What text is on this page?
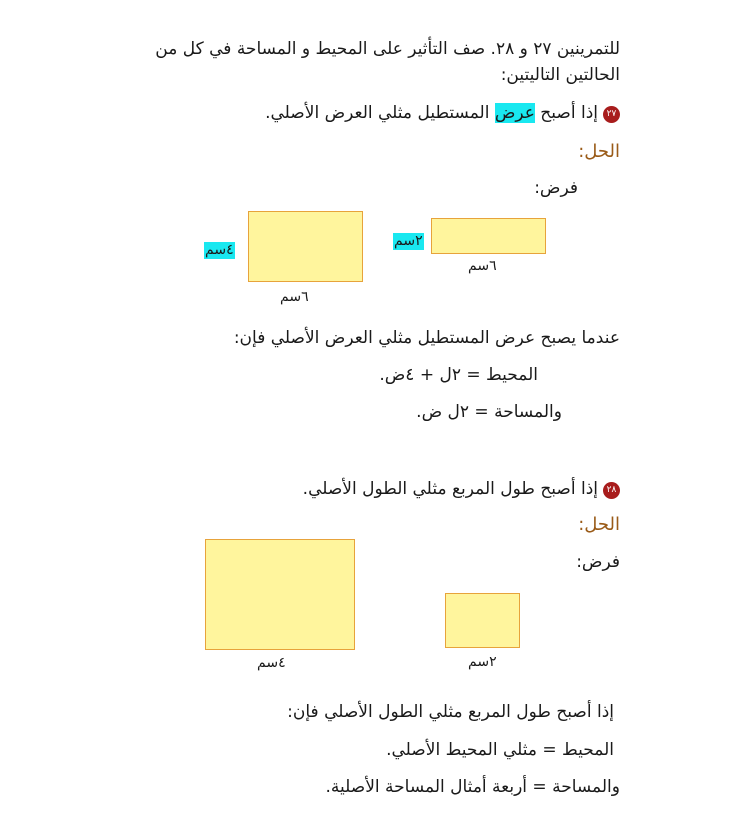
للتمرينين ٢٧ و ٢٨. صف التأثير على المحيط و المساحة في كل من
الحالتين التاليتين:
٢٧إذا أصبح عرض المستطيل مثلي العرض الأصلي.
الحل:
فرض:
٤سم
٦سم
٢سم
٦سم
عندما يصبح عرض المستطيل مثلي العرض الأصلي فإن:
المحيط = ٢ل + ٤ض.
والمساحة = ٢ل ض.
٢٨إذا أصبح طول المربع مثلي الطول الأصلي.
الحل:
فرض:
٤سم	٢سم
إذا أصبح طول المربع مثلي الطول الأصلي فإن:
المحيط = مثلي المحيط الأصلي.
والمساحة = أربعة أمثال المساحة الأصلية.
